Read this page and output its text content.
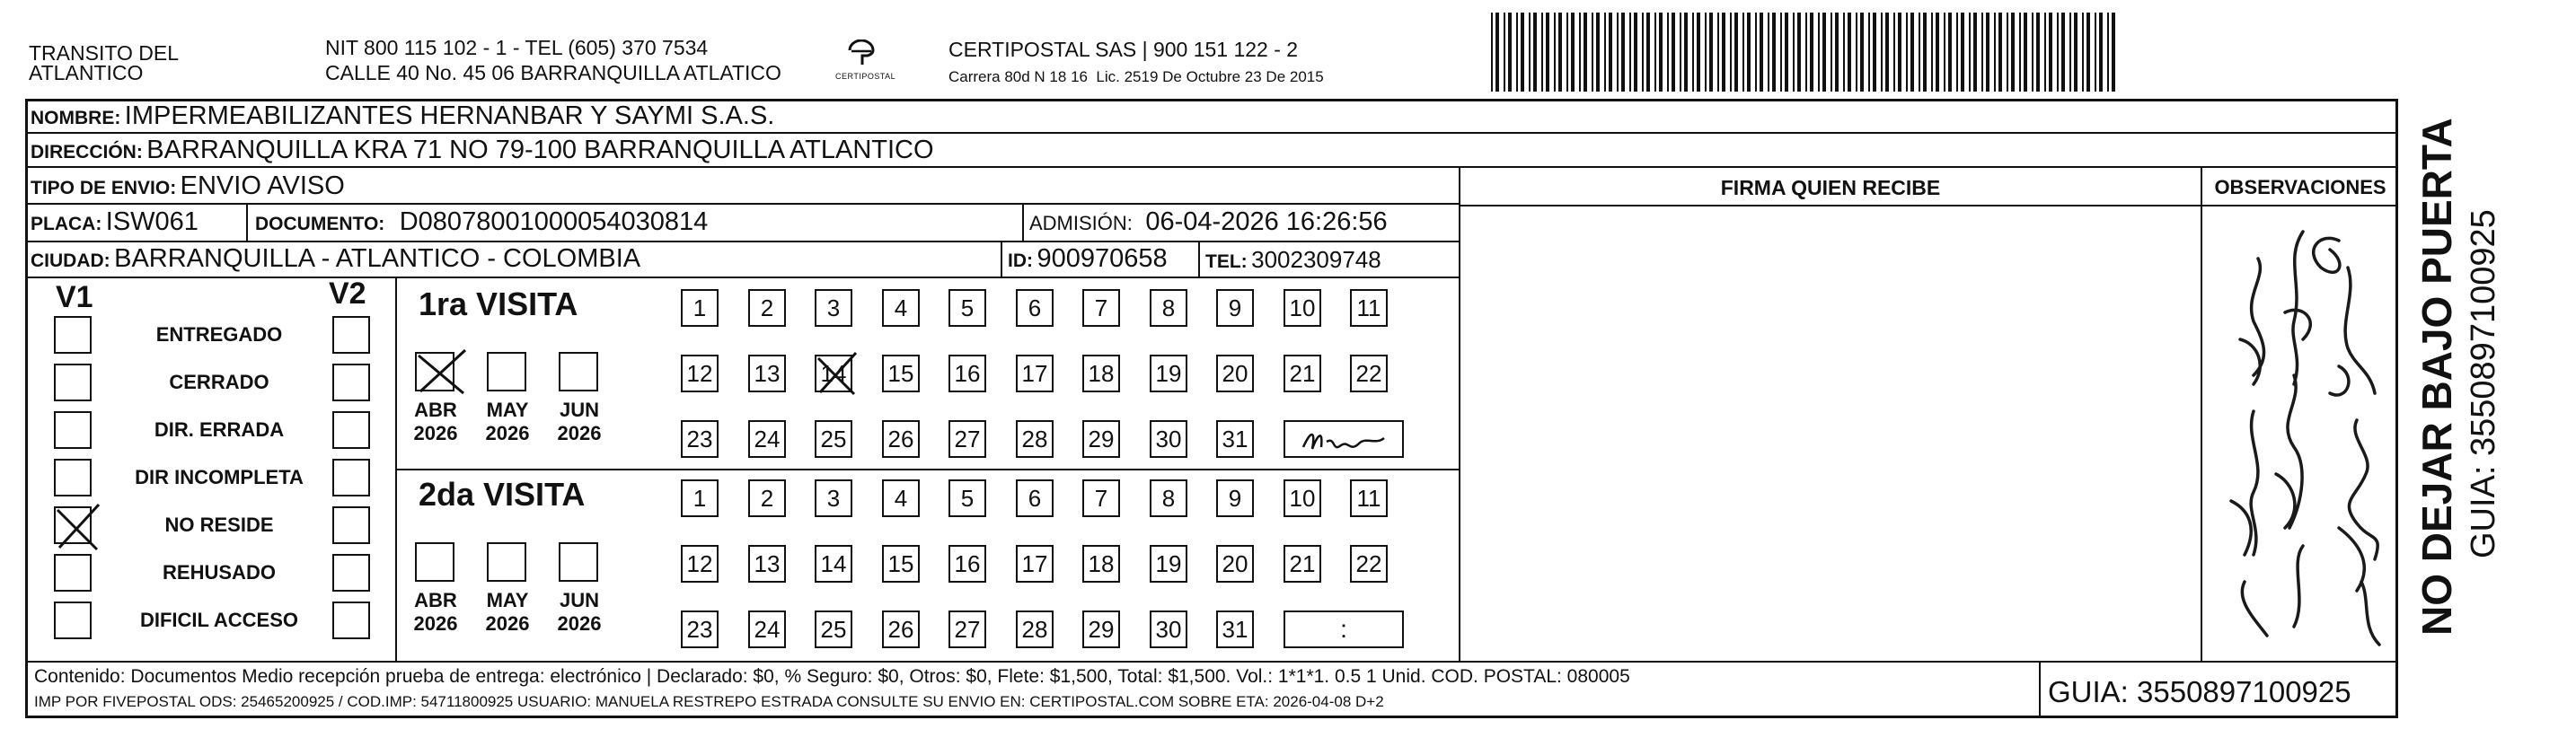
TRANSITO DEL
ATLANTICO
NIT 800 115 102 - 1 - TEL (605) 370 7534
CALLE 40 No. 45 06 BARRANQUILLA ATLATICO	CERTIPOSTAL
CERTIPOSTAL SAS | 900 151 122 - 2
Carrera 80d N 18 16  Lic. 2519 De Octubre 23 De 2015
NOMBRE: IMPERMEABILIZANTES HERNANBAR Y SAYMI S.A.S.
DIRECCIÓN: BARRANQUILLA KRA 71 NO 79-100 BARRANQUILLA ATLANTICO
TIPO DE ENVIO: ENVIO AVISO
PLACA: ISW061	DOCUMENTO: D08078001000054030814	ADMISIÓN: 06-04-2026 16:26:56
CIUDAD: BARRANQUILLA - ATLANTICO - COLOMBIA	ID: 900970658 TEL: 3002309748
FIRMA QUIEN RECIBE	OBSERVACIONES
V1	V2
ENTREGADO
CERRADO
DIR. ERRADA
DIR INCOMPLETA
NO RESIDE
REHUSADO
DIFICIL ACCESO
1ra VISITA
ABR
2026
MAY
2026
JUN
2026
1	2	3	4	5	6	7	8	9	10 11
12 13 14 15 16 17 18 19 20 21 22
23 24 25 26 27 28 29 30 31
2da VISITA
ABR
2026
MAY
2026
JUN
2026
1	2	3	4	5	6	7	8	9	10 11
12 13 14 15 16 17 18 19 20 21 22
23 24 25 26 27 28 29 30 31	:
Contenido: Documentos Medio recepción prueba de entrega: electrónico | Declarado: $0, % Seguro: $0, Otros: $0, Flete: $1,500, Total: $1,500. Vol.: 1*1*1. 0.5 1 Unid. COD. POSTAL: 080005
IMP POR FIVEPOSTAL ODS: 25465200925 / COD.IMP: 54711800925 USUARIO: MANUELA RESTREPO ESTRADA CONSULTE SU ENVIO EN: CERTIPOSTAL.COM SOBRE ETA: 2026-04-08 D+2	GUIA: 3550897100925
NO DEJAR BAJO PUERTA GUIA: 3550897100925
